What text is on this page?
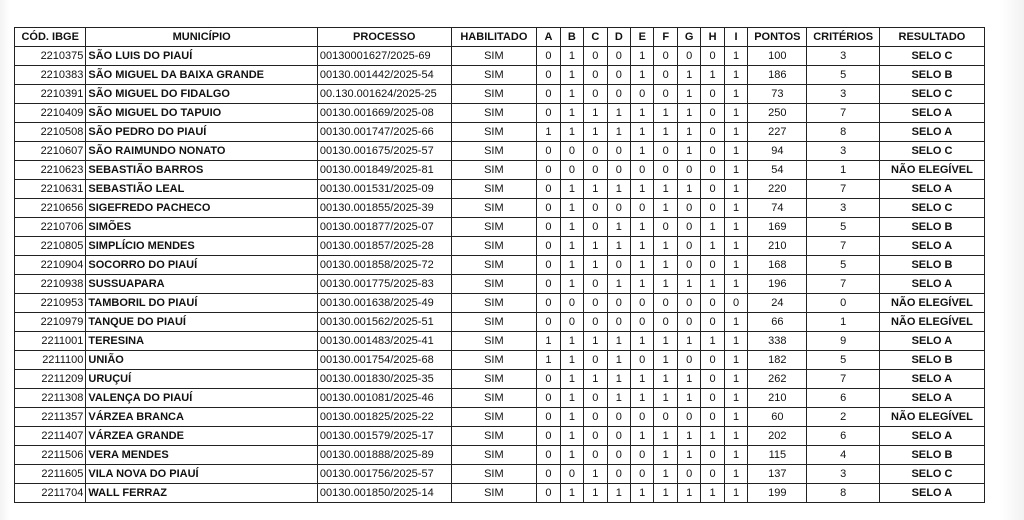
CÓD. IBGE	MUNICÍPIO	PROCESSO	HABILITADO	A	B	C	D	E	F	G	H	I	PONTOS	CRITÉRIOS	RESULTADO
2210375	SÃO LUIS DO PIAUÍ	00130001627/2025-69	SIM	0	1	0	0	1	0	0	0	1	100	3	SELO C
2210383	SÃO MIGUEL DA BAIXA GRANDE	00130.001442/2025-54	SIM	0	1	0	0	1	0	1	1	1	186	5	SELO B
2210391	SÃO MIGUEL DO FIDALGO	00.130.001624/2025-25	SIM	0	1	0	0	0	0	1	0	1	73	3	SELO C
2210409	SÃO MIGUEL DO TAPUIO	00130.001669/2025-08	SIM	0	1	1	1	1	1	1	0	1	250	7	SELO A
2210508	SÃO PEDRO DO PIAUÍ	00130.001747/2025-66	SIM	1	1	1	1	1	1	1	0	1	227	8	SELO A
2210607	SÃO RAIMUNDO NONATO	00130.001675/2025-57	SIM	0	0	0	0	1	0	1	0	1	94	3	SELO C
2210623	SEBASTIÃO BARROS	00130.001849/2025-81	SIM	0	0	0	0	0	0	0	0	1	54	1	NÃO ELEGÍVEL
2210631	SEBASTIÃO LEAL	00130.001531/2025-09	SIM	0	1	1	1	1	1	1	0	1	220	7	SELO A
2210656	SIGEFREDO PACHECO	00130.001855/2025-39	SIM	0	1	0	0	0	1	0	0	1	74	3	SELO C
2210706	SIMÕES	00130.001877/2025-07	SIM	0	1	0	1	1	0	0	1	1	169	5	SELO B
2210805	SIMPLÍCIO MENDES	00130.001857/2025-28	SIM	0	1	1	1	1	1	0	1	1	210	7	SELO A
2210904	SOCORRO DO PIAUÍ	00130.001858/2025-72	SIM	0	1	1	0	1	1	0	0	1	168	5	SELO B
2210938	SUSSUAPARA	00130.001775/2025-83	SIM	0	1	0	1	1	1	1	1	1	196	7	SELO A
2210953	TAMBORIL DO PIAUÍ	00130.001638/2025-49	SIM	0	0	0	0	0	0	0	0	0	24	0	NÃO ELEGÍVEL
2210979	TANQUE DO PIAUÍ	00130.001562/2025-51	SIM	0	0	0	0	0	0	0	0	1	66	1	NÃO ELEGÍVEL
2211001	TERESINA	00130.001483/2025-41	SIM	1	1	1	1	1	1	1	1	1	338	9	SELO A
2211100	UNIÃO	00130.001754/2025-68	SIM	1	1	0	1	0	1	0	0	1	182	5	SELO B
2211209	URUÇUÍ	00130.001830/2025-35	SIM	0	1	1	1	1	1	1	0	1	262	7	SELO A
2211308	VALENÇA DO PIAUÍ	00130.001081/2025-46	SIM	0	1	0	1	1	1	1	0	1	210	6	SELO A
2211357	VÁRZEA BRANCA	00130.001825/2025-22	SIM	0	1	0	0	0	0	0	0	1	60	2	NÃO ELEGÍVEL
2211407	VÁRZEA GRANDE	00130.001579/2025-17	SIM	0	1	0	0	1	1	1	1	1	202	6	SELO A
2211506	VERA MENDES	00130.001888/2025-89	SIM	0	1	0	0	0	1	1	0	1	115	4	SELO B
2211605	VILA NOVA DO PIAUÍ	00130.001756/2025-57	SIM	0	0	1	0	0	1	0	0	1	137	3	SELO C
2211704	WALL FERRAZ	00130.001850/2025-14	SIM	0	1	1	1	1	1	1	1	1	199	8	SELO A
